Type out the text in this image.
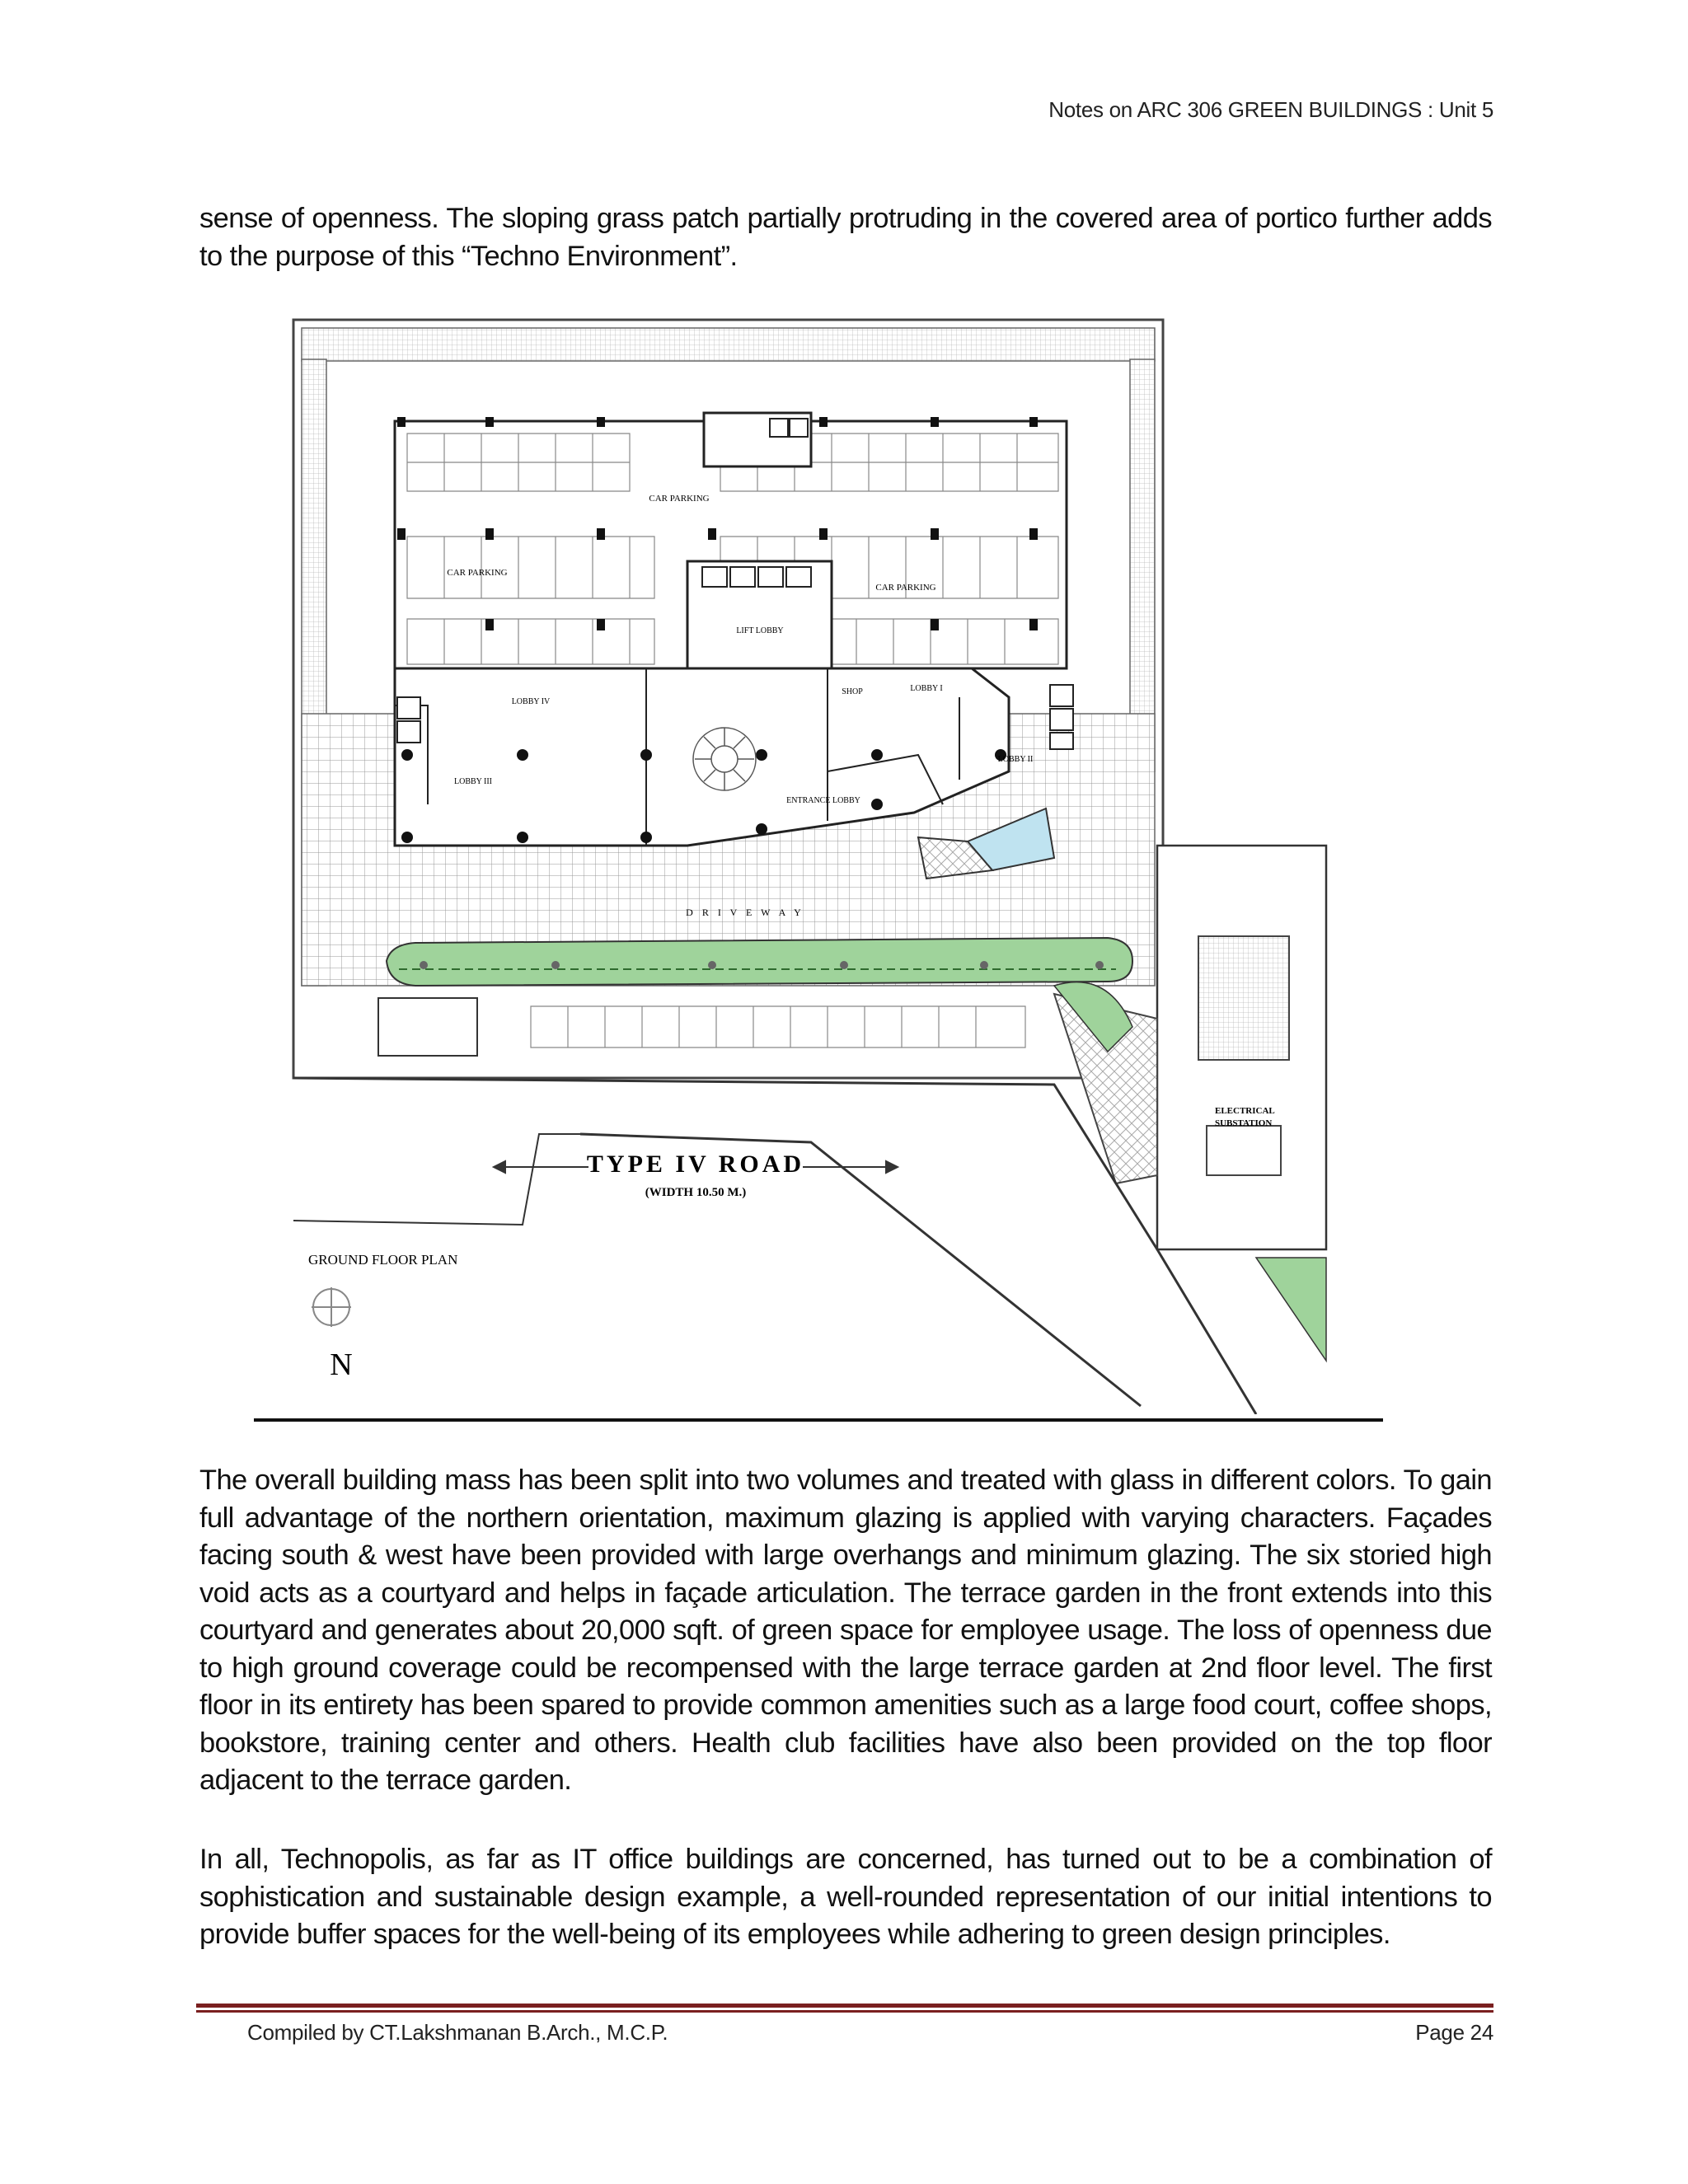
Notes on ARC 306 GREEN BUILDINGS : Unit 5

sense of openness. The sloping grass patch partially protruding in the covered area of portico further adds to the purpose of this “Techno Environment”.

TYPE IV ROAD
(WIDTH 10.50 M.)
CAR PARKING
CAR PARKING
CAR PARKING
LIFT LOBBY
LOBBY IV
SHOP	LOBBY I
LOBBY II
LOBBY III
ENTRANCE LOBBY
D R I V E W A Y
ELECTRICAL
SUBSTATION
GROUND FLOOR PLAN
N

The overall building mass has been split into two volumes and treated with glass in different colors. To gain full advantage of the northern orientation, maximum glazing is applied with varying characters. Façades facing south & west have been provided with large overhangs and minimum glazing. The six storied high void acts as a courtyard and helps in façade articulation. The terrace garden in the front extends into this courtyard and generates about 20,000 sqft. of green space for employee usage. The loss of openness due to high ground coverage could be recompensed with the large terrace garden at 2nd floor level. The first floor in its entirety has been spared to provide common amenities such as a large food court, coffee shops, bookstore, training center and others. Health club facilities have also been provided on the top floor adjacent to the terrace garden.

In all, Technopolis, as far as IT office buildings are concerned, has turned out to be a combination of sophistication and sustainable design example, a well-rounded representation of our initial intentions to provide buffer spaces for the well-being of its employees while adhering to green design principles.

Compiled by CT.Lakshmanan B.Arch., M.C.P.	Page 24
